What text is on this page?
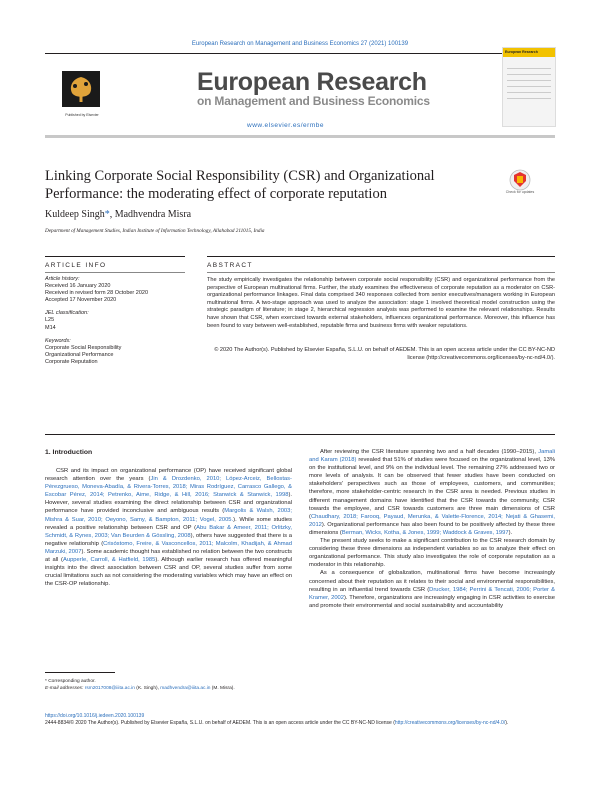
European Research on Management and Business Economics 27 (2021) 100139
Published by Elsevier
European Research
on Management and Business Economics
www.elsevier.es/ermbe
European Research
Linking Corporate Social Responsibility (CSR) and Organizational
Performance: the moderating effect of corporate reputation	Check for updates
Kuldeep Singh*, Madhvendra Misra
Department of Management Studies, Indian Institute of Information Technology, Allahabad 211015, India
ARTICLE INFO	ABSTRACT
Article history:
Received 16 January 2020
Received in revised form 28 October 2020
Accepted 17 November 2020
JEL classification:
L25
M14
Keywords:
Corporate Social Responsibility
Organizational Performance
Corporate Reputation
The study empirically investigates the relationship between corporate social responsibility (CSR) and organizational performance from the perspective of European multinational firms. Further, the study examines the effectiveness of corporate reputation as a moderator on CSR-organizational performance linkages. Final data comprised 340 responses collected from senior executives/managers working in European multinational firms. A two-stage approach was used to analyze the association: stage 1 involved theoretical model construction using the strategic paradigm of literature; in stage 2, hierarchical regression analysis was performed to examine the relevant relationships. Results have shown that CSR, when exercised towards external stakeholders, influences organizational performance. Moreover, this influence has been found to vary between well-established, reputable firms and business firms with weaker reputations.
© 2020 The Author(s). Published by Elsevier España, S.L.U. on behalf of AEDEM. This is an open access article under the CC BY-NC-ND license (http://creativecommons.org/licenses/by-nc-nd/4.0/).
1. Introduction
CSR and its impact on organizational performance (OP) have received significant global research attention over the years (Jin & Drozdenko, 2010; López-Arceiz, Bellostas-Pérezgrueso, Moneva-Abadía, & Rivera-Torres, 2018; Miras Rodríguez, Carrasco Gallego, & Escobar Pérez, 2014; Petrenko, Aime, Ridge, & Hill, 2016; Stanwick & Stanwick, 1998). However, several studies examining the direct relationship between CSR and organizational performance have provided inconclusive and ambiguous results (Margolis & Walsh, 2003; Mishra & Suar, 2010; Oeyono, Samy, & Bampton, 2011; Vogel, 2005.). While some studies revealed a positive relationship between CSR and OP (Abu Bakar & Ameer, 2011; Orlitzky, Schmidt, & Rynes, 2003; Van Beurden & Gössling, 2008), others have suggested that there is a negative relationship (Crisóstomo, Freire, & Vasconcellos, 2011; Malcolm, Khadijah, & Ahmad Marzuki, 2007). Some academic thought has established no relation between the two constructs at all (Aupperle, Carroll, & Hatfield, 1985). Although earlier research has offered meaningful insights into the direct association between CSR and OP, several studies suffer from some crucial limitations such as not considering the moderating variables which may have an effect on the CSR-OP relationship.
After reviewing the CSR literature spanning two and a half decades (1990–2015), Jamali and Karam (2018) revealed that 51% of studies were focused on the organizational level, 13% on the institutional level, and 9% on the individual level. The remaining 27% addressed two or more levels of analysis. It can be observed that fewer studies have been conducted on stakeholders' perspectives such as those of employees, customers, and communities; therefore, more stakeholder-centric research in the CSR area is needed. Previous studies in different management domains have identified that the CSR towards the community, CSR towards the employee, and CSR towards customers are three main dimensions of CSR (Chaudhary, 2018; Farooq, Payaud, Merunka, & Valette-Florence, 2014; Nejati & Ghasemi, 2012). Organizational performance has also been found to be positively affected by these three dimensions (Berman, Wicks, Kotha, & Jones, 1999; Waddock & Graves, 1997).
The present study seeks to make a significant contribution to the CSR research domain by considering these three dimensions as independent variables so as to analyze their effect on organizational performance. This study also investigates the role of corporate reputation as a moderator in this relationship.
As a consequence of globalization, multinational firms have become increasingly concerned about their reputation as it relates to their social and environmental responsibilities, resulting in an influential trend towards CSR (Drucker, 1984; Perrini & Tencati, 2006; Porter & Kramer, 2002). Therefore, organizations are increasingly engaging in CSR activities to exercise and promote their environmental and social sustainability and accountability
* Corresponding author.
E-mail addresses: rsm2017008@iiita.ac.in (K. Singh), madhvendra@iiita.ac.in (M. Misra).
https://doi.org/10.1016/j.iedeen.2020.100139
2444-8834/© 2020 The Author(s). Published by Elsevier España, S.L.U. on behalf of AEDEM. This is an open access article under the CC BY-NC-ND license (http://creativecommons.org/licenses/by-nc-nd/4.0/).
